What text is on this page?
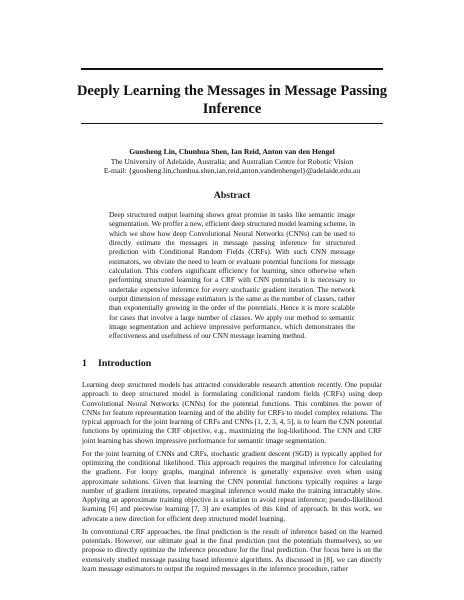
Deeply Learning the Messages in Message Passing Inference
Guosheng Lin, Chunhua Shen, Ian Reid, Anton van den Hengel
The University of Adelaide, Australia; and Australian Centre for Robotic Vision
E-mail: {guosheng.lin,chunhua.shen,ian.reid,anton.vandenhengel}@adelaide.edu.au
Abstract

Deep structured output learning shows great promise in tasks like semantic image segmentation. We proffer a new, efficient deep structured model learning scheme, in which we show how deep Convolutional Neural Networks (CNNs) can be used to directly estimate the messages in message passing inference for structured prediction with Conditional Random Fields (CRFs). With such CNN message estimators, we obviate the need to learn or evaluate potential functions for message calculation. This confers significant efficiency for learning, since otherwise when performing structured learning for a CRF with CNN potentials it is necessary to undertake expensive inference for every stochastic gradient iteration. The network output dimension of message estimators is the same as the number of classes, rather than exponentially growing in the order of the potentials. Hence it is more scalable for cases that involve a large number of classes. We apply our method to semantic image segmentation and achieve impressive performance, which demonstrates the effectiveness and usefulness of our CNN message learning method.

1 Introduction

Learning deep structured models has attracted considerable research attention recently. One popular approach to deep structured model is formulating conditional random fields (CRFs) using deep Convolutional Neural Networks (CNNs) for the potential functions. This combines the power of CNNs for feature representation learning and of the ability for CRFs to model complex relations. The typical approach for the joint learning of CRFs and CNNs [1, 2, 3, 4, 5], is to learn the CNN potential functions by optimizing the CRF objective, e.g., maximizing the log-likelihood. The CNN and CRF joint learning has shown impressive performance for semantic image segmentation.

For the joint learning of CNNs and CRFs, stochastic gradient descent (SGD) is typically applied for optimizing the conditional likelihood. This approach requires the marginal inference for calculating the gradient. For loopy graphs, marginal inference is generally expensive even when using approximate solutions. Given that learning the CNN potential functions typically requires a large number of gradient iterations, repeated marginal inference would make the training intractably slow. Applying an approximate training objective is a solution to avoid repeat inference; pseudo-likelihood learning [6] and piecewise learning [7, 3] are examples of this kind of approach. In this work, we advocate a new direction for efficient deep structured model learning.

In conventional CRF approaches, the final prediction is the result of inference based on the learned potentials. However, our ultimate goal is the final prediction (not the potentials themselves), so we propose to directly optimize the inference procedure for the final prediction. Our focus here is on the extensively studied message passing based inference algorithms. As discussed in [8], we can directly learn message estimators to output the required messages in the inference procedure, rather
